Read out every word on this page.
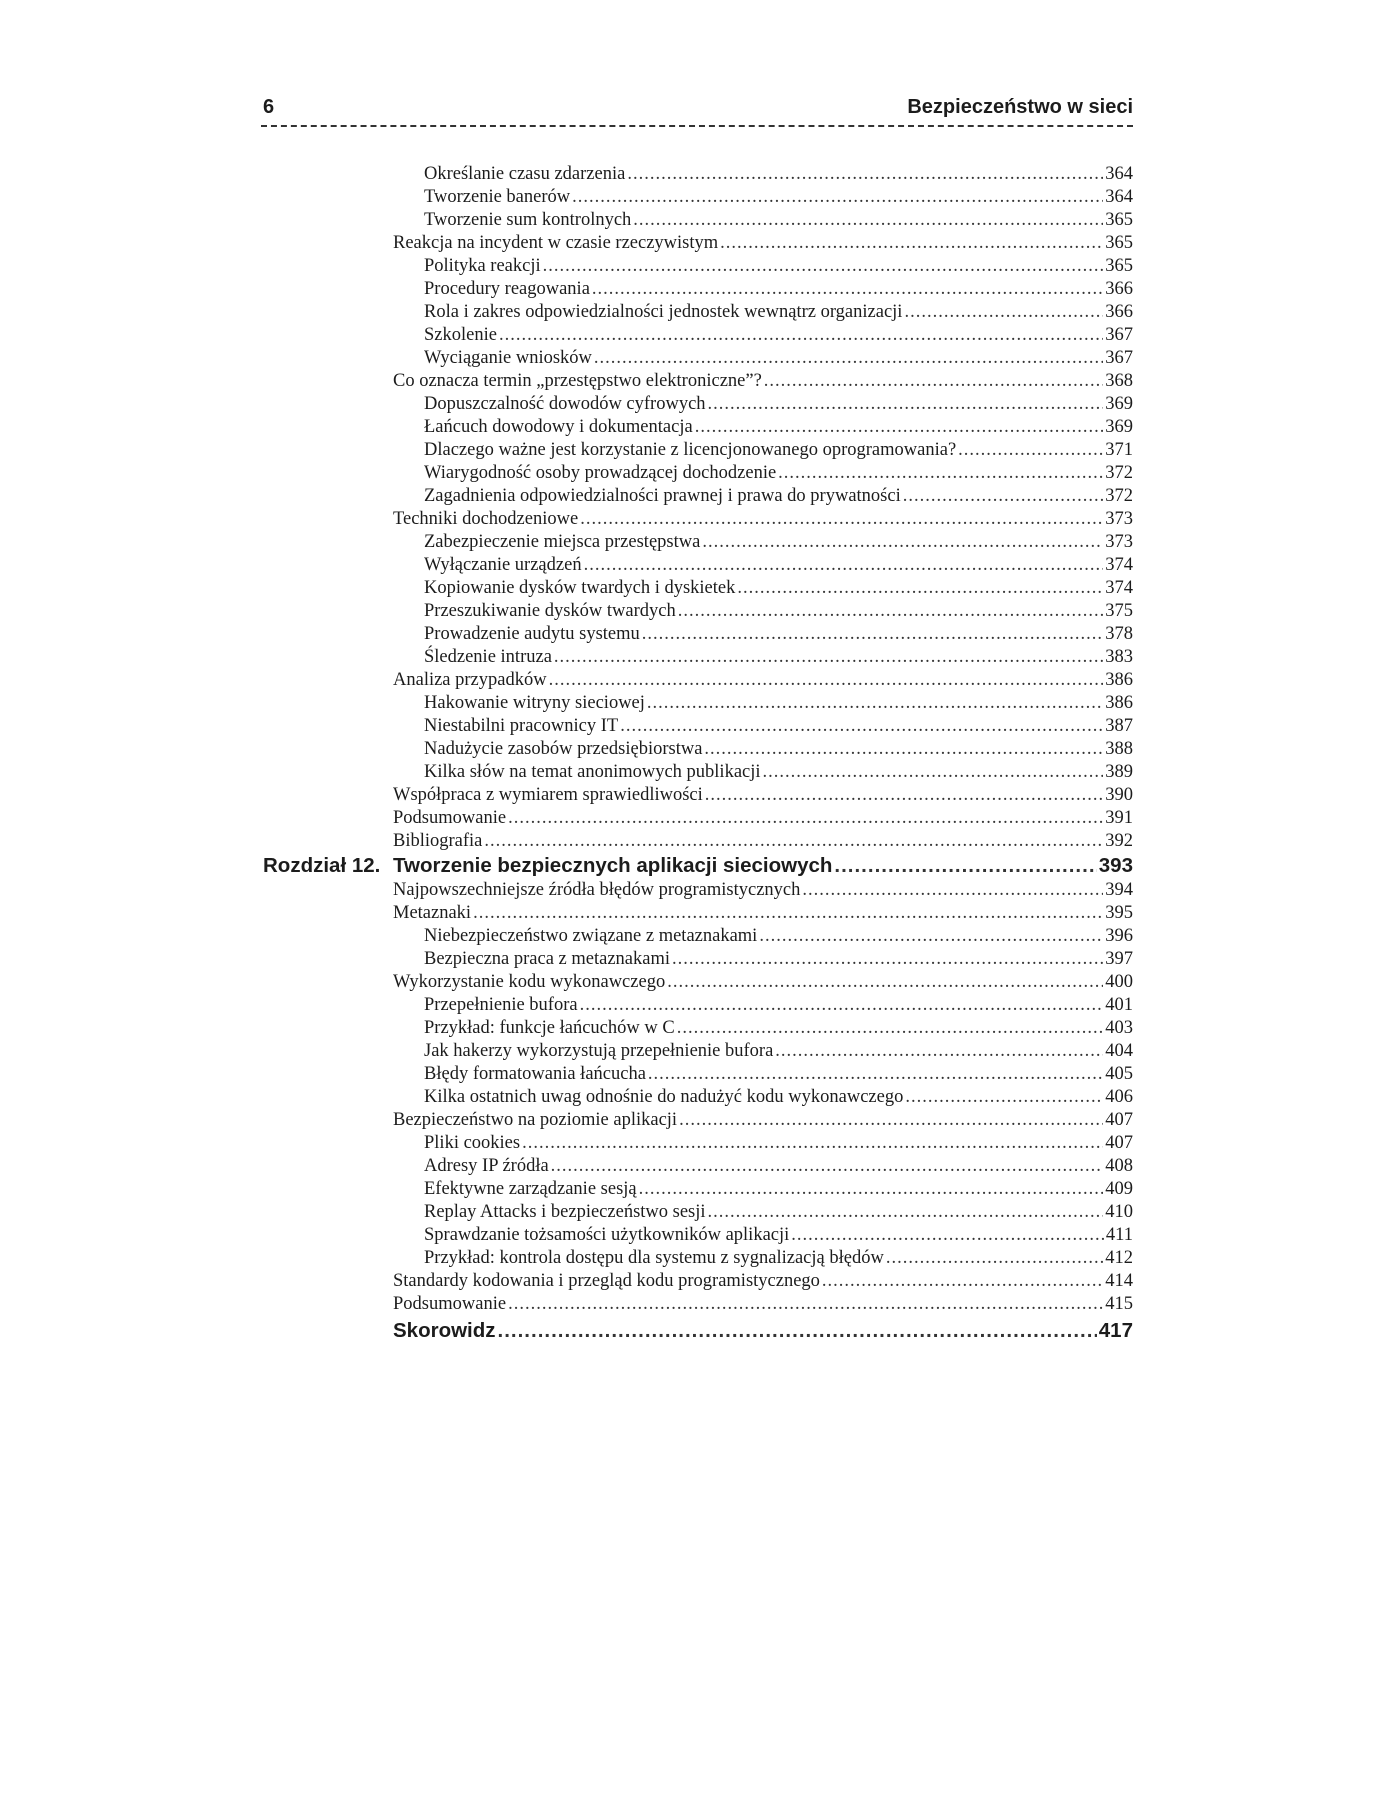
6	Bezpieczeństwo w sieci
Określanie czasu zdarzenia .....	364
Tworzenie banerów .....	364
Tworzenie sum kontrolnych .....	365
Reakcja na incydent w czasie rzeczywistym .....	365
Polityka reakcji .....	365
Procedury reagowania .....	366
Rola i zakres odpowiedzialności jednostek wewnątrz organizacji .....	366
Szkolenie .....	367
Wyciąganie wniosków .....	367
Co oznacza termin „przestępstwo elektroniczne”? .....	368
Dopuszczalność dowodów cyfrowych .....	369
Łańcuch dowodowy i dokumentacja .....	369
Dlaczego ważne jest korzystanie z licencjonowanego oprogramowania? .....	371
Wiarygodność osoby prowadzącej dochodzenie .....	372
Zagadnienia odpowiedzialności prawnej i prawa do prywatności .....	372
Techniki dochodzeniowe .....	373
Zabezpieczenie miejsca przestępstwa .....	373
Wyłączanie urządzeń .....	374
Kopiowanie dysków twardych i dyskietek .....	374
Przeszukiwanie dysków twardych .....	375
Prowadzenie audytu systemu .....	378
Śledzenie intruza .....	383
Analiza przypadków .....	386
Hakowanie witryny sieciowej .....	386
Niestabilni pracownicy IT .....	387
Nadużycie zasobów przedsiębiorstwa .....	388
Kilka słów na temat anonimowych publikacji .....	389
Współpraca z wymiarem sprawiedliwości .....	390
Podsumowanie .....	391
Bibliografia .....	392
Rozdział 12. Tworzenie bezpiecznych aplikacji sieciowych .....	393
Najpowszechniejsze źródła błędów programistycznych .....	394
Metaznaki .....	395
Niebezpieczeństwo związane z metaznakami .....	396
Bezpieczna praca z metaznakami .....	397
Wykorzystanie kodu wykonawczego .....	400
Przepełnienie bufora .....	401
Przykład: funkcje łańcuchów w C .....	403
Jak hakerzy wykorzystują przepełnienie bufora .....	404
Błędy formatowania łańcucha .....	405
Kilka ostatnich uwag odnośnie do nadużyć kodu wykonawczego .....	406
Bezpieczeństwo na poziomie aplikacji .....	407
Pliki cookies .....	407
Adresy IP źródła .....	408
Efektywne zarządzanie sesją .....	409
Replay Attacks i bezpieczeństwo sesji .....	410
Sprawdzanie tożsamości użytkowników aplikacji .....	411
Przykład: kontrola dostępu dla systemu z sygnalizacją błędów .....	412
Standardy kodowania i przegląd kodu programistycznego .....	414
Podsumowanie .....	415
Skorowidz .....	417
